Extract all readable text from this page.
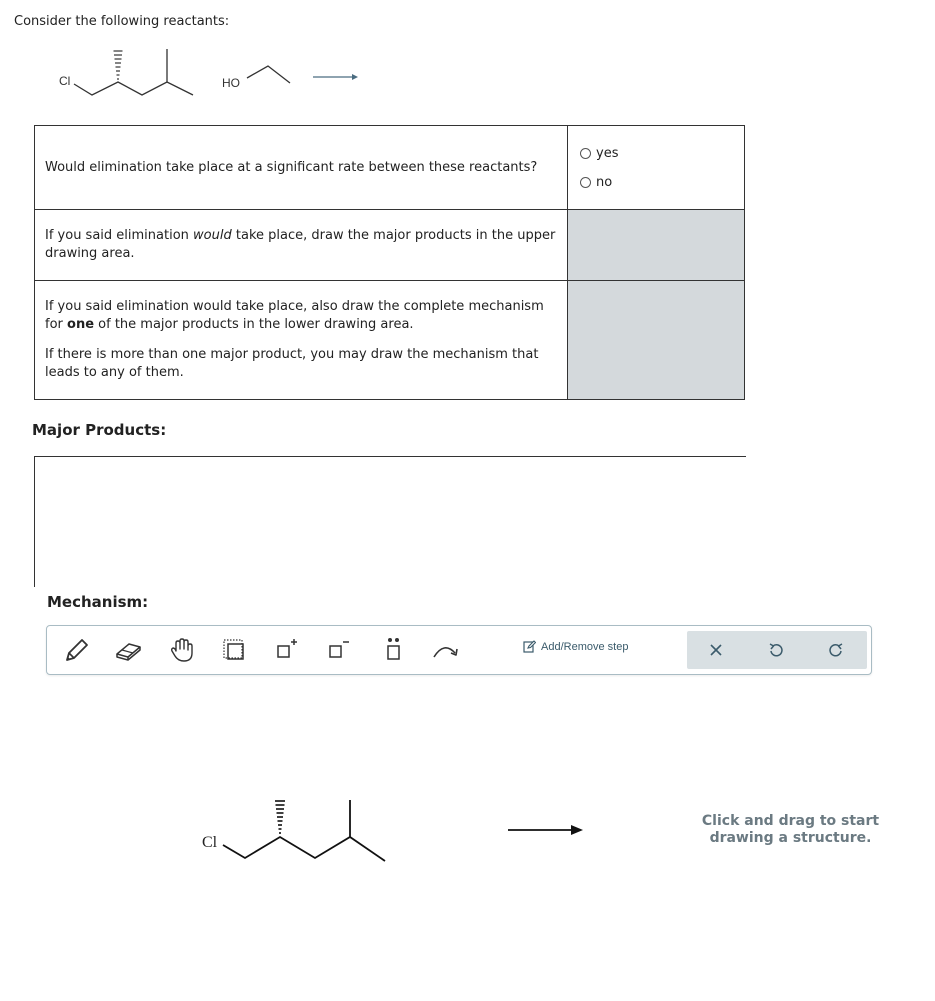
Consider the following reactants:
Cl	HO
Would elimination take place at a significant rate between these reactants?	yes
no

If you said elimination would take place, draw the major products in the upper drawing area.	

If you said elimination would take place, also draw the complete mechanism for one of the major products in the lower drawing area.

If there is more than one major product, you may draw the mechanism that leads to any of them.	

Major Products:
Mechanism:
Add/Remove step
Cl
Click and drag to start drawing a structure.
